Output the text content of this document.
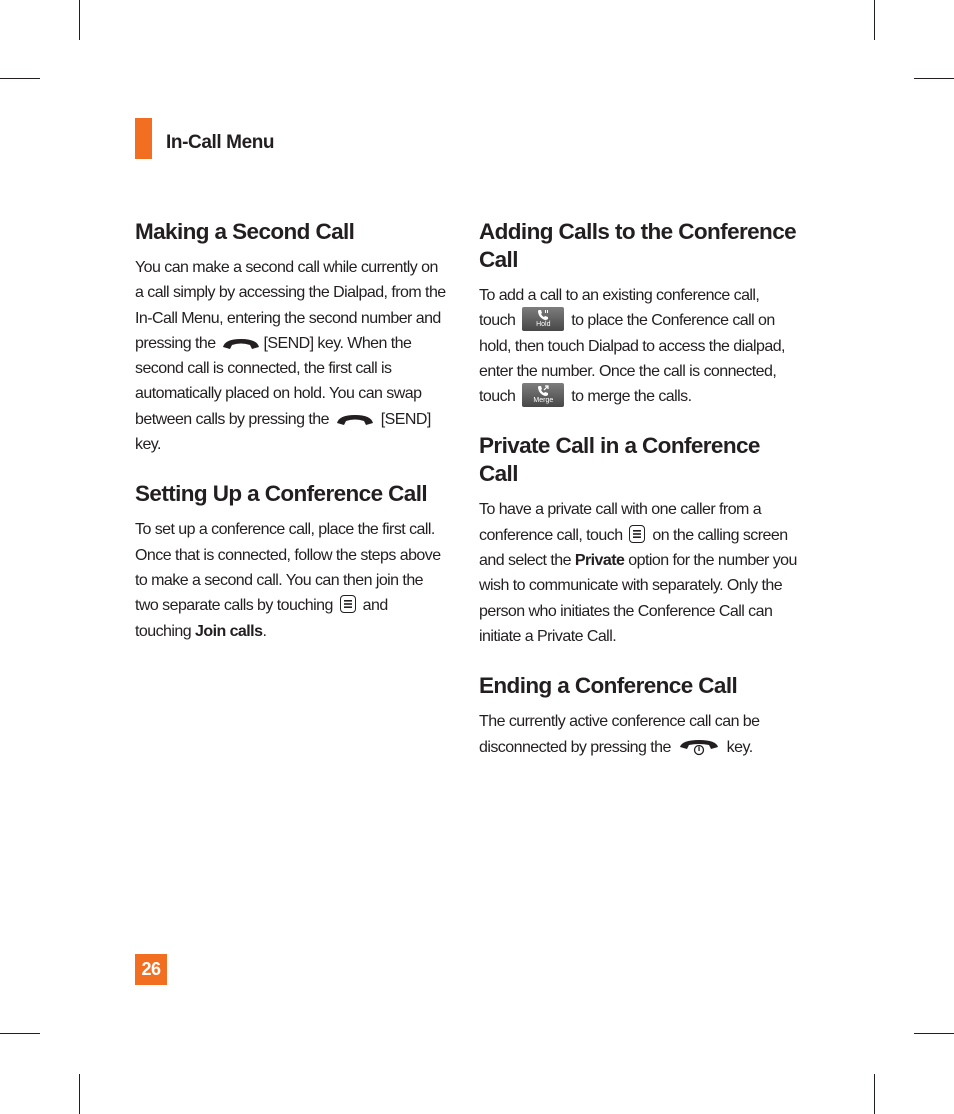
In-Call Menu
Making a Second Call

You can make a second call while currently on a call simply by accessing the Dialpad, from the In-Call Menu, entering the second number and pressing the	[SEND] key. When the second call is connected, the first call is automatically placed on hold. You can swap between calls by pressing the	[SEND] key.

Setting Up a Conference Call

To set up a conference call, place the first call. Once that is connected, follow the steps above to make a second call. You can then join the two separate calls by touching and touching Join calls.

Adding Calls to the Conference Call

To add a call to an existing conference call, touch	Hold	to place the Conference call on hold, then touch Dialpad to access the dialpad, enter the number. Once the call is connected, touch	Merge	to merge the calls.

Private Call in a Conference Call

To have a private call with one caller from a conference call, touch on the calling screen and select the Private option for the number you wish to communicate with separately. Only the person who initiates the Conference Call can initiate a Private Call.

Ending a Conference Call

The currently active conference call can be disconnected by pressing the	key.

26
